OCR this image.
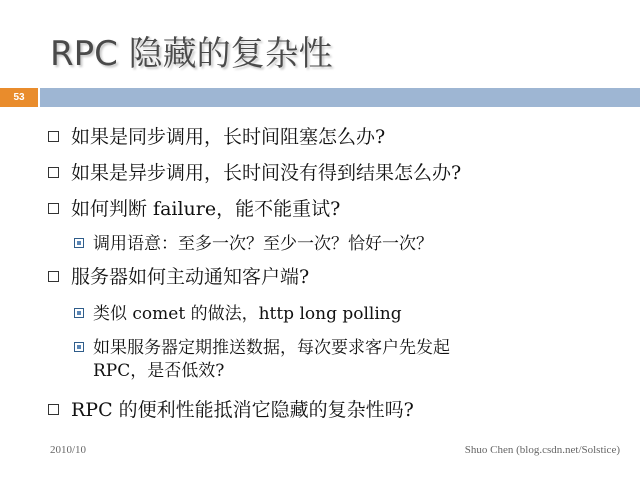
RPC 隐藏的复杂性
53
如果是同步调用，长时间阻塞怎么办?
如果是异步调用，长时间没有得到结果怎么办?
如何判断 failure，能不能重试?
调用语意：至多一次？至少一次？恰好一次？
服务器如何主动通知客户端?
类似 comet 的做法，http long polling
如果服务器定期推送数据，每次要求客户先发起
RPC，是否低效?
RPC 的便利性能抵消它隐藏的复杂性吗?
2010/10	Shuo Chen (blog.csdn.net/Solstice)
